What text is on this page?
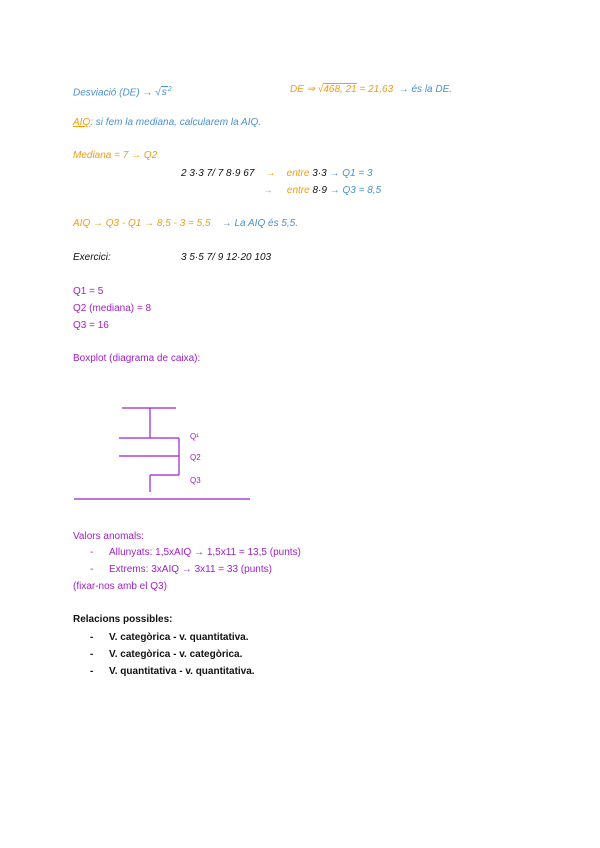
Desviació $(DE) \to √s^2$	DE ⇒ √468, 21 = 21,63 → és la DE.
AIQ: si fem la mediana, calcularem la AIQ.
Mediana = 7 → Q2
2 3·3 7/ 7 8·9 67 → entre 3·3 → Q1 = 3
→ entre 8·9 → Q3 = 8,5
AIQ → Q3 - Q1 → 8,5 - 3 = 5,5 → La AIQ és 5,5.
Exercici:	3 5·5 7/ 9 12·20 103
Q1 = 5
Q2 (mediana) = 8
Q3 = 16
Boxplot (diagrama de caixa):
Q¹
Q2
Q3
Valors anomals:
- Allunyats: 1,5xAIQ → 1,5x11 = 13,5 (punts)
- Extrems: 3xAIQ → 3x11 = 33 (punts)
(fixar-nos amb el Q3)
Relacions possibles:
- V. categòrica - v. quantitativa.
- V. categòrica - v. categòrica.
- V. quantitativa - v. quantitativa.
